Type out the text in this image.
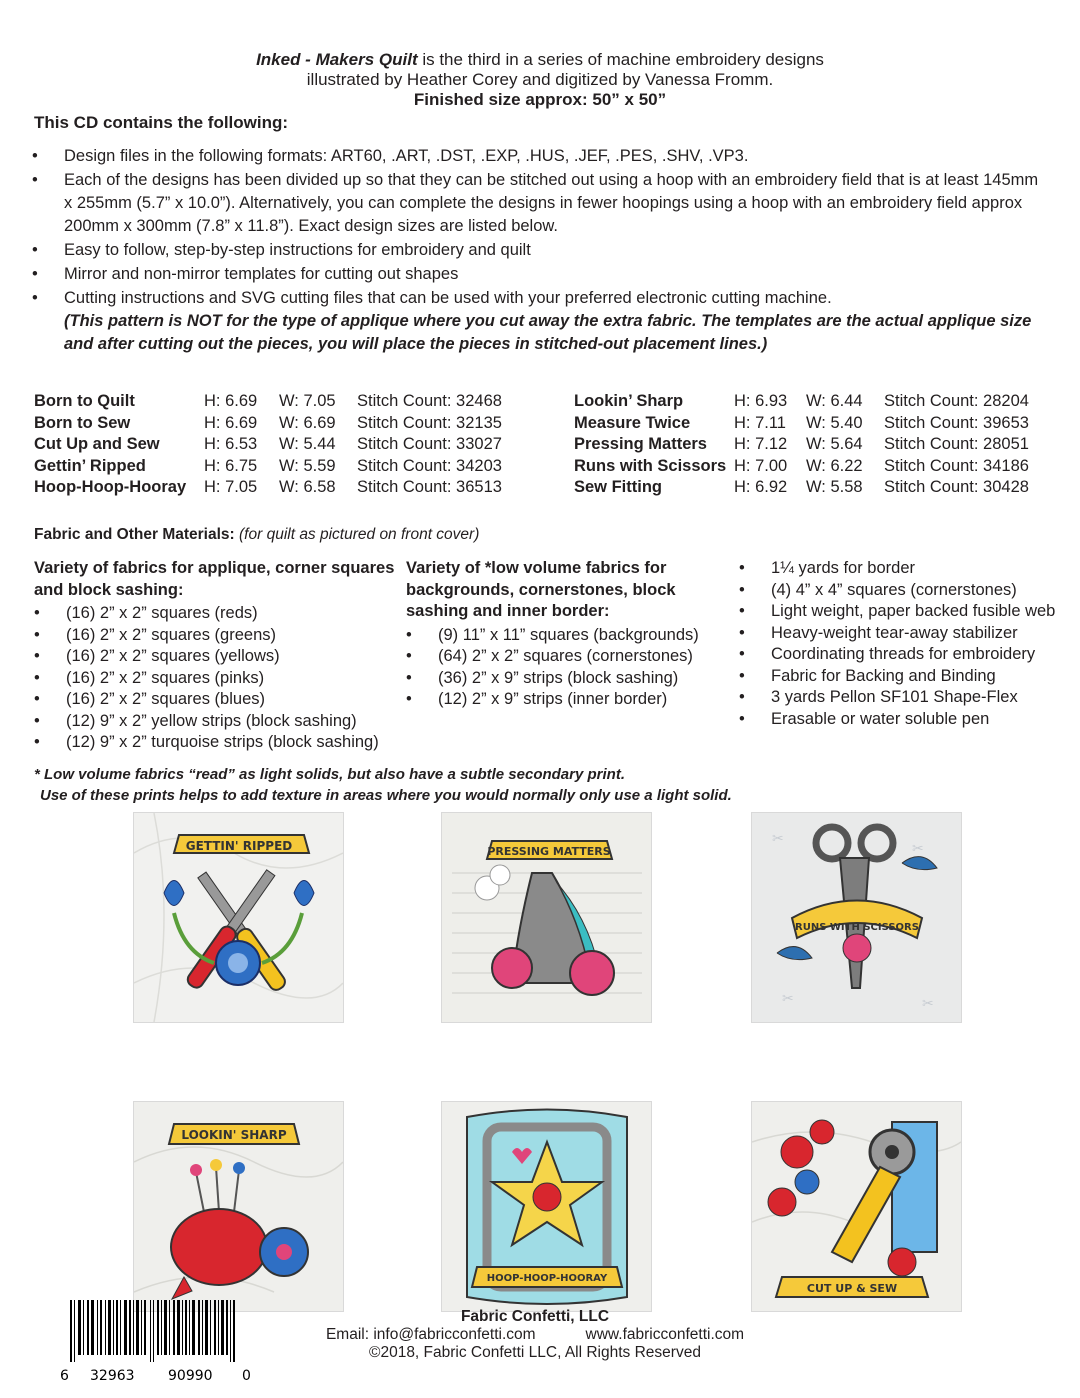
Inked - Makers Quilt is the third in a series of machine embroidery designs
illustrated by Heather Corey and digitized by Vanessa Fromm.
Finished size approx: 50” x 50”
This CD contains the following:
• Design files in the following formats: ART60, .ART, .DST, .EXP, .HUS, .JEF, .PES, .SHV, .VP3.
• Each of the designs has been divided up so that they can be stitched out using a hoop with an embroidery field that is at least 145mm x 255mm (5.7” x 10.0”). Alternatively, you can complete the designs in fewer hoopings using a hoop with an embroidery field approx 200mm x 300mm (7.8” x 11.8”). Exact design sizes are listed below.
• Easy to follow, step-by-step instructions for embroidery and quilt
• Mirror and non-mirror templates for cutting out shapes
• Cutting instructions and SVG cutting files that can be used with your preferred electronic cutting machine.
(This pattern is NOT for the type of applique where you cut away the extra fabric. The templates are the actual applique size and after cutting out the pieces, you will place the pieces in stitched-out placement lines.)
Born to Quilt	H: 6.69	W: 7.05	Stitch Count: 32468
Born to Sew	H: 6.69	W: 6.69	Stitch Count: 32135
Cut Up and Sew	H: 6.53	W: 5.44	Stitch Count: 33027
Gettin’ Ripped	H: 6.75	W: 5.59	Stitch Count: 34203
Hoop-Hoop-Hooray	H: 7.05	W: 6.58	Stitch Count: 36513
Lookin’ Sharp	H: 6.93	W: 6.44	Stitch Count: 28204
Measure Twice	H: 7.11	W: 5.40	Stitch Count: 39653
Pressing Matters	H: 7.12	W: 5.64	Stitch Count: 28051
Runs with Scissors H: 7.00	W: 6.22	Stitch Count: 34186
Sew Fitting	H: 6.92	W: 5.58	Stitch Count: 30428
Fabric and Other Materials: (for quilt as pictured on front cover)
Variety of fabrics for applique, corner squares and block sashing:
• (16) 2” x 2” squares (reds)
• (16) 2” x 2” squares (greens)
• (16) 2” x 2” squares (yellows)
• (16) 2” x 2” squares (pinks)
• (16) 2” x 2” squares (blues)
• (12) 9” x 2” yellow strips (block sashing)
• (12) 9” x 2” turquoise strips (block sashing)
Variety of *low volume fabrics for backgrounds, cornerstones, block sashing and inner border:
• (9) 11” x 11” squares (backgrounds)
• (64) 2” x 2” squares (cornerstones)
• (36) 2” x 9” strips (block sashing)
• (12) 2” x 9” strips (inner border)
• 1¼ yards for border
• (4) 4” x 4” squares (cornerstones)
• Light weight, paper backed fusible web
• Heavy-weight tear-away stabilizer
• Coordinating threads for embroidery
• Fabric for Backing and Binding
• 3 yards Pellon SF101 Shape-Flex
• Erasable or water soluble pen
* Low volume fabrics “read” as light solids, but also have a subtle secondary print.
Use of these prints helps to add texture in areas where you would normally only use a light solid.
GETTIN' RIPPED	PRESSING MATTERS
✂
✂
✂	✂
RUNS WITH SCISSORS
LOOKIN' SHARP
HOOP-HOOP-HOORAY
CUT UP & SEW
6 32963 90990 0
Fabric Confetti, LLC
Email: info@fabricconfetti.com	www.fabricconfetti.com
©2018, Fabric Confetti LLC, All Rights Reserved
